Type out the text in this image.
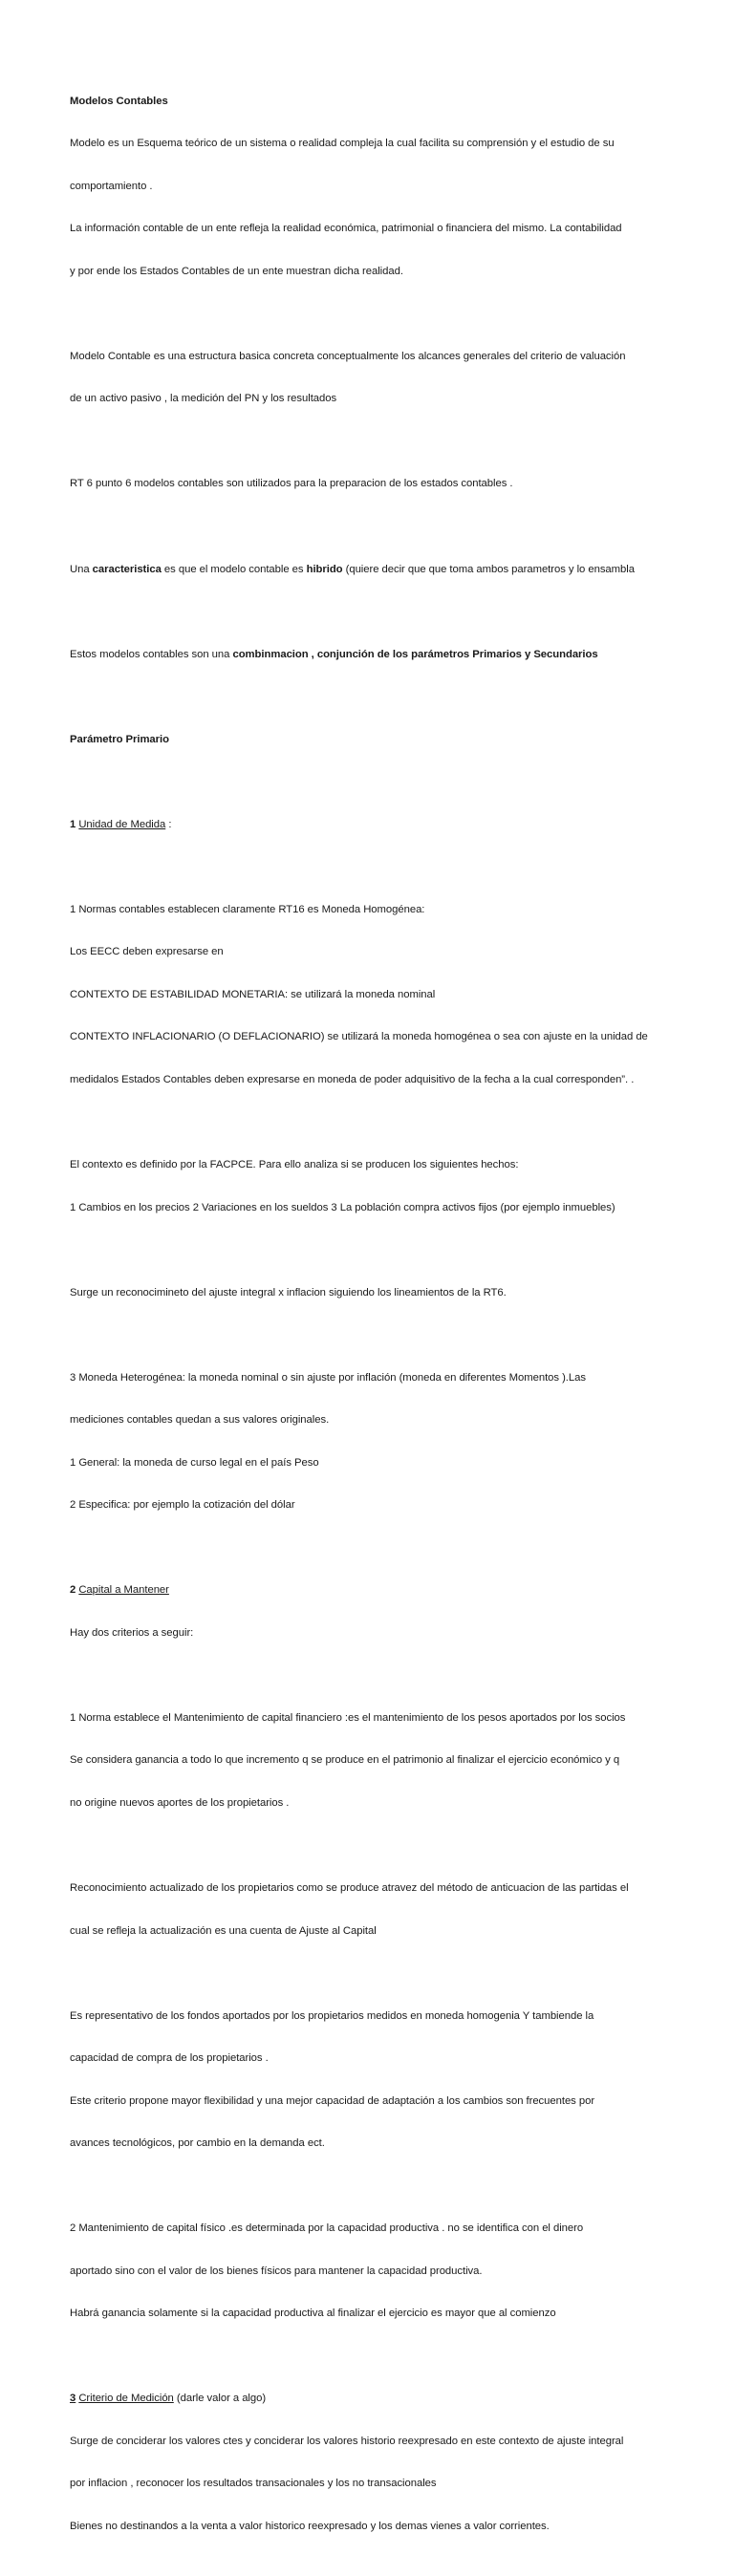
Modelos Contables

Modelo es un Esquema teórico de un sistema o realidad compleja la cual facilita su comprensión y el estudio de su

comportamiento .

La información contable de un ente refleja la realidad económica, patrimonial o financiera del mismo. La contabilidad

y por ende los Estados Contables de un ente muestran dicha realidad.

Modelo Contable es una estructura basica concreta conceptualmente los alcances generales del criterio de valuación

de un activo pasivo , la medición del PN y los resultados

RT 6 punto 6 modelos contables son utilizados para la preparacion de los estados contables .

Una caracteristica es que el modelo contable es hibrido (quiere decir que que toma ambos parametros y lo ensambla

Estos modelos contables son una combinmacion , conjunción de los parámetros Primarios y Secundarios

Parámetro Primario

1 Unidad de Medida :

1 Normas contables establecen claramente RT16 es Moneda Homogénea:

Los EECC deben expresarse en

CONTEXTO DE ESTABILIDAD MONETARIA: se utilizará la moneda nominal

CONTEXTO INFLACIONARIO (O DEFLACIONARIO) se utilizará la moneda homogénea o sea con ajuste en la unidad de

medidalos Estados Contables deben expresarse en moneda de poder adquisitivo de la fecha a la cual corresponden”. .

El contexto es definido por la FACPCE. Para ello analiza si se producen los siguientes hechos:

1 Cambios en los precios 2 Variaciones en los sueldos 3 La población compra activos fijos (por ejemplo inmuebles)

Surge un reconocimineto del ajuste integral x inflacion siguiendo los lineamientos de la RT6.

3 Moneda Heterogénea: la moneda nominal o sin ajuste por inflación (moneda en diferentes Momentos ).Las

mediciones contables quedan a sus valores originales.

1 General: la moneda de curso legal en el país Peso

2 Especifica: por ejemplo la cotización del dólar

2 Capital a Mantener

Hay dos criterios a seguir:

1 Norma establece el Mantenimiento de capital financiero :es el mantenimiento de los pesos aportados por los socios

Se considera ganancia a todo lo que incremento q se produce en el patrimonio al finalizar el ejercicio económico y q

no origine nuevos aportes de los propietarios .

Reconocimiento actualizado de los propietarios como se produce atravez del método de anticuacion de las partidas el

cual se refleja la actualización es una cuenta de Ajuste al Capital

Es representativo de los fondos aportados por los propietarios medidos en moneda homogenia Y tambiende la

capacidad de compra de los propietarios .

Este criterio propone mayor flexibilidad y una mejor capacidad de adaptación a los cambios son frecuentes por

avances tecnológicos, por cambio en la demanda ect.

2 Mantenimiento de capital físico .es determinada por la capacidad productiva . no se identifica con el dinero

aportado sino con el valor de los bienes físicos para mantener la capacidad productiva.

Habrá ganancia solamente si la capacidad productiva al finalizar el ejercicio es mayor que al comienzo

3 Criterio de Medición (darle valor a algo)

Surge de conciderar los valores ctes y conciderar los valores historio reexpresado en este contexto de ajuste integral

por inflacion , reconocer los resultados transacionales y los no transacionales

Bienes no destinandos a la venta a valor historico reexpresado y los demas vienes a valor corrientes.
